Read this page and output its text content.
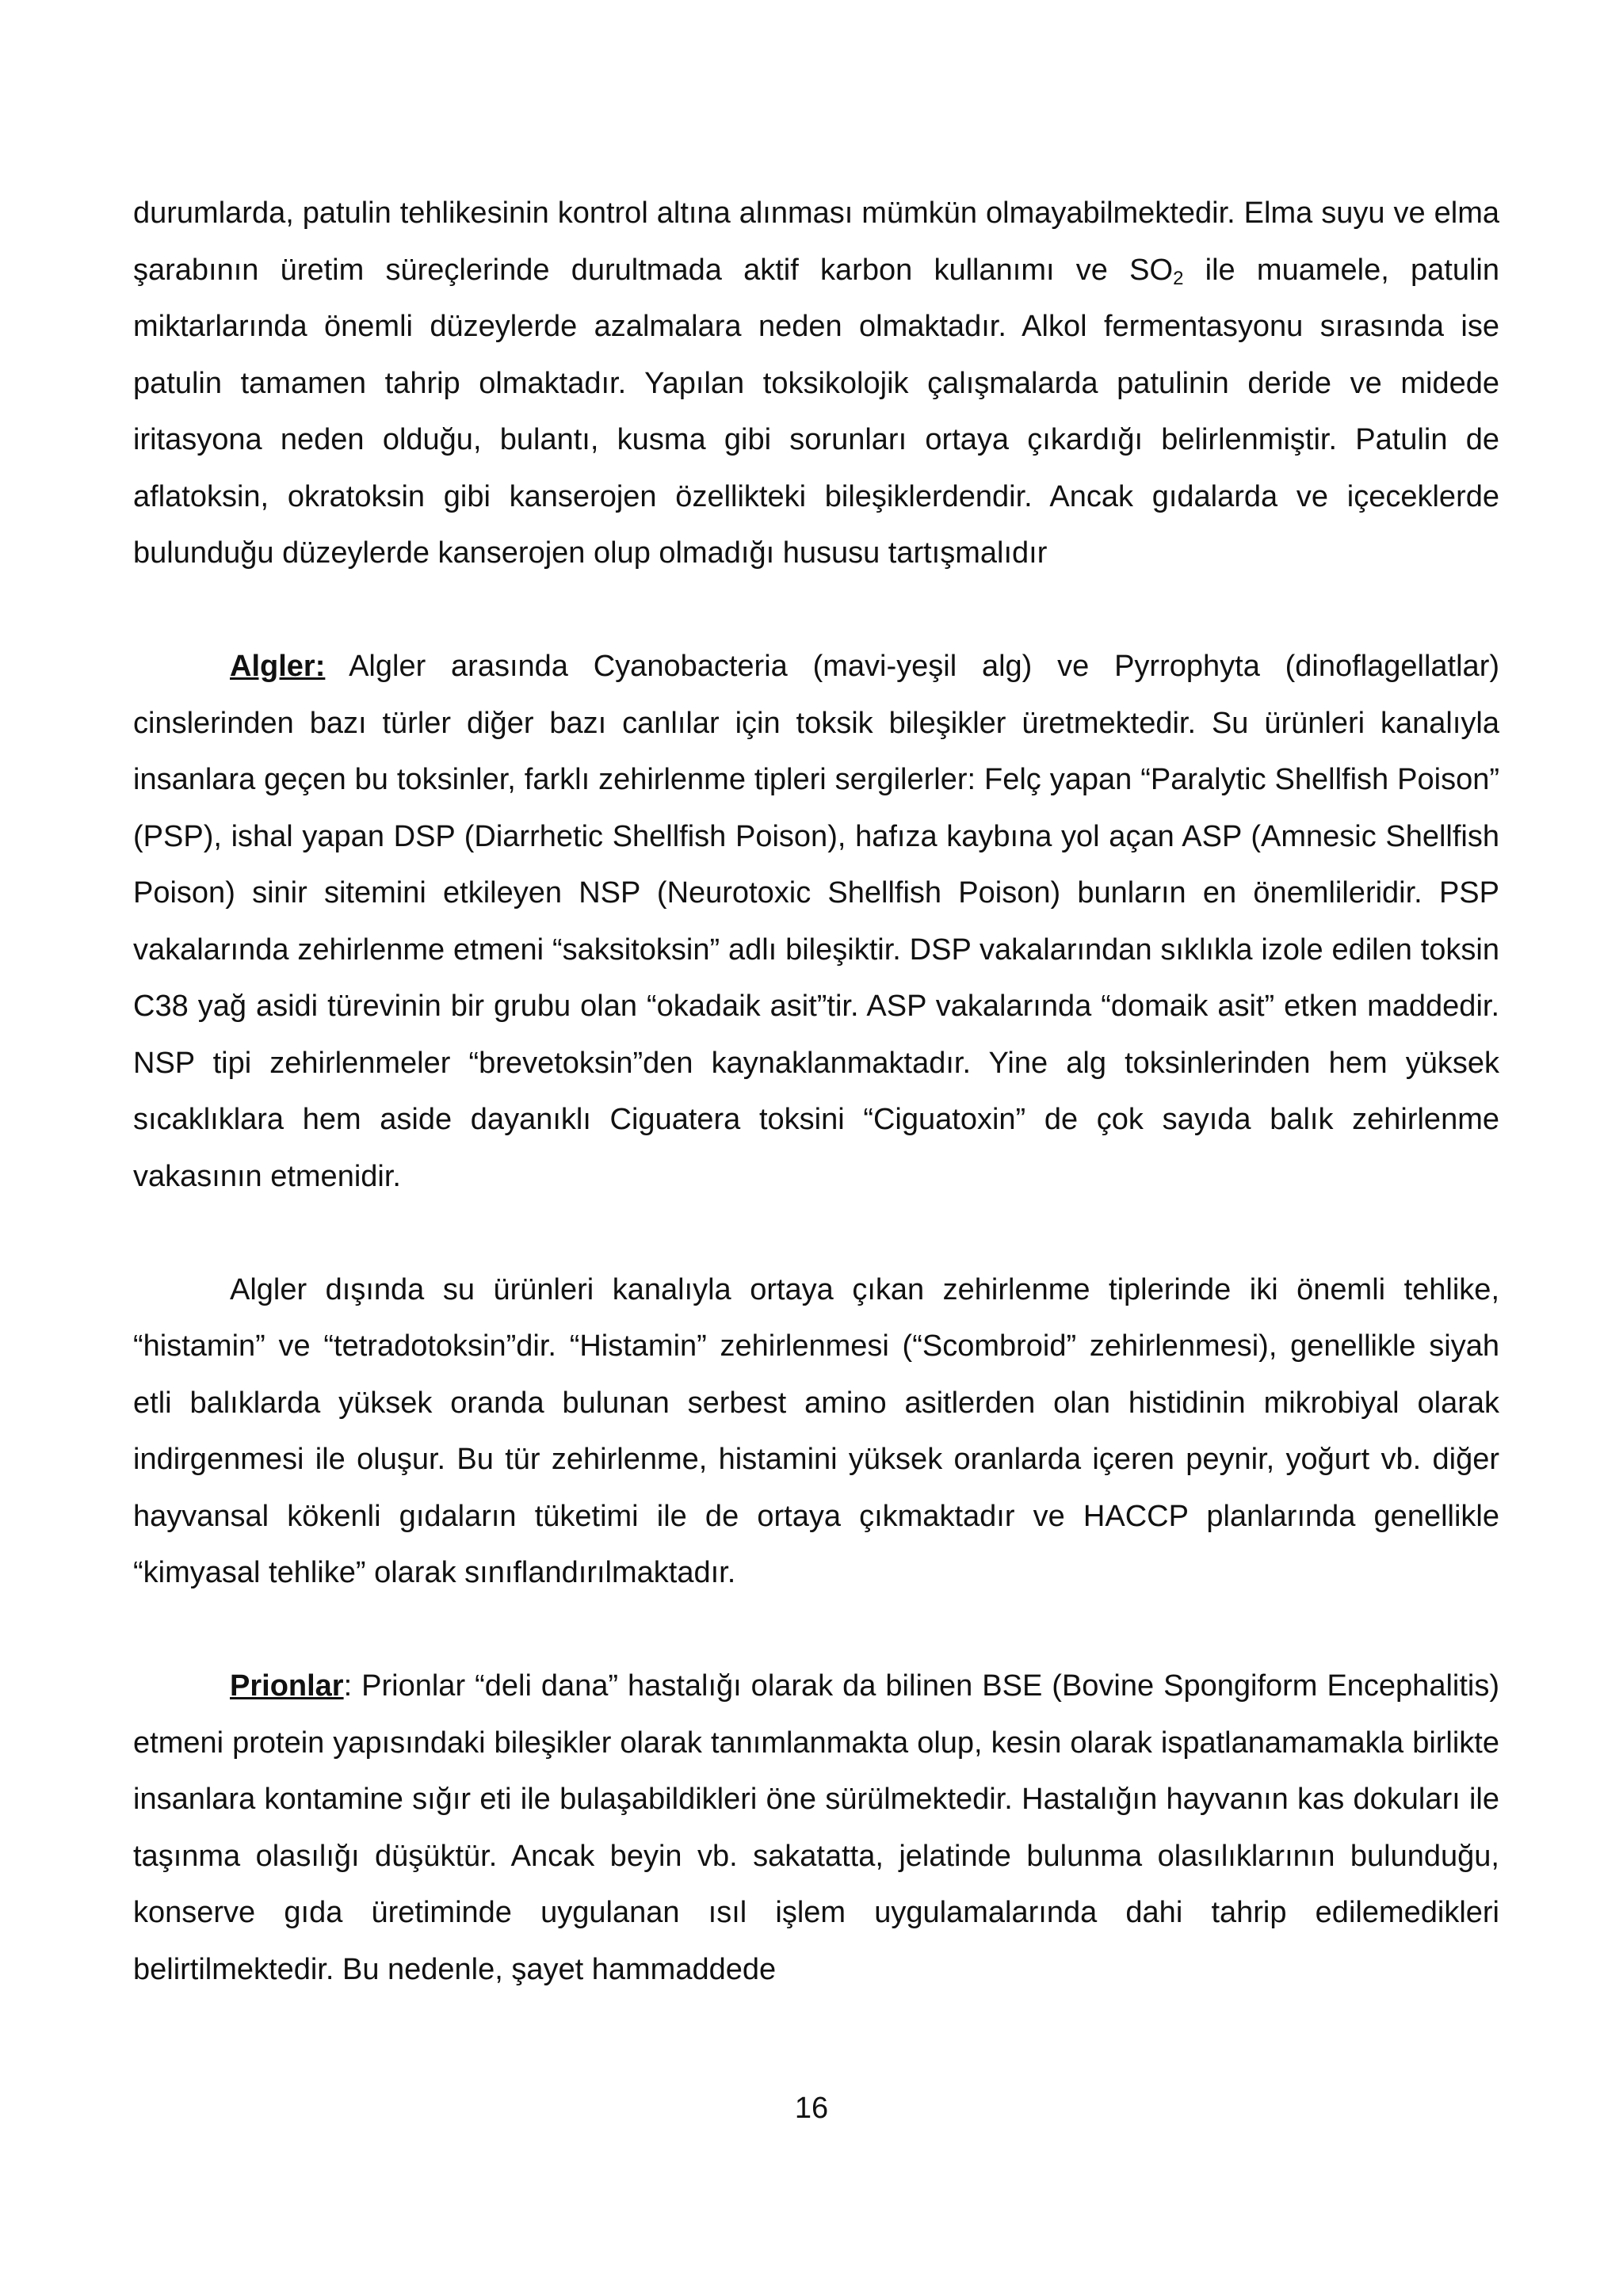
durumlarda, patulin tehlikesinin kontrol altına alınması mümkün olmayabilmektedir. Elma suyu ve elma şarabının üretim süreçlerinde durultmada aktif karbon kullanımı ve $SO_2$ ile muamele, patulin miktarlarında önemli düzeylerde azalmalara neden olmaktadır. Alkol fermentasyonu sırasında ise patulin tamamen tahrip olmaktadır. Yapılan toksikolojik çalışmalarda patulinin deride ve midede iritasyona neden olduğu, bulantı, kusma gibi sorunları ortaya çıkardığı belirlenmiştir. Patulin de aflatoksin, okratoksin gibi kanserojen özellikteki bileşiklerdendir. Ancak gıdalarda ve içeceklerde bulunduğu düzeylerde kanserojen olup olmadığı hususu tartışmalıdır

Algler: Algler arasında Cyanobacteria (mavi-yeşil alg) ve Pyrrophyta (dinoflagellatlar) cinslerinden bazı türler diğer bazı canlılar için toksik bileşikler üretmektedir. Su ürünleri kanalıyla insanlara geçen bu toksinler, farklı zehirlenme tipleri sergilerler: Felç yapan “Paralytic Shellfish Poison” (PSP), ishal yapan DSP (Diarrhetic Shellfish Poison), hafıza kaybına yol açan ASP (Amnesic Shellfish Poison) sinir sitemini etkileyen NSP (Neurotoxic Shellfish Poison) bunların en önemlileridir. PSP vakalarında zehirlenme etmeni “saksitoksin” adlı bileşiktir. DSP vakalarından sıklıkla izole edilen toksin C38 yağ asidi türevinin bir grubu olan “okadaik asit”tir. ASP vakalarında “domaik asit” etken maddedir. NSP tipi zehirlenmeler “brevetoksin”den kaynaklanmaktadır. Yine alg toksinlerinden hem yüksek sıcaklıklara hem aside dayanıklı Ciguatera toksini “Ciguatoxin” de çok sayıda balık zehirlenme vakasının etmenidir.

Algler dışında su ürünleri kanalıyla ortaya çıkan zehirlenme tiplerinde iki önemli tehlike, “histamin” ve “tetradotoksin”dir. “Histamin” zehirlenmesi (“Scombroid” zehirlenmesi), genellikle siyah etli balıklarda yüksek oranda bulunan serbest amino asitlerden olan histidinin mikrobiyal olarak indirgenmesi ile oluşur. Bu tür zehirlenme, histamini yüksek oranlarda içeren peynir, yoğurt vb. diğer hayvansal kökenli gıdaların tüketimi ile de ortaya çıkmaktadır ve HACCP planlarında genellikle “kimyasal tehlike” olarak sınıflandırılmaktadır.

Prionlar: Prionlar “deli dana” hastalığı olarak da bilinen BSE (Bovine Spongiform Encephalitis) etmeni protein yapısındaki bileşikler olarak tanımlanmakta olup, kesin olarak ispatlanamamakla birlikte insanlara kontamine sığır eti ile bulaşabildikleri öne sürülmektedir. Hastalığın hayvanın kas dokuları ile taşınma olasılığı düşüktür. Ancak beyin vb. sakatatta, jelatinde bulunma olasılıklarının bulunduğu, konserve gıda üretiminde uygulanan ısıl işlem uygulamalarında dahi tahrip edilemedikleri belirtilmektedir. Bu nedenle, şayet hammaddede

16
